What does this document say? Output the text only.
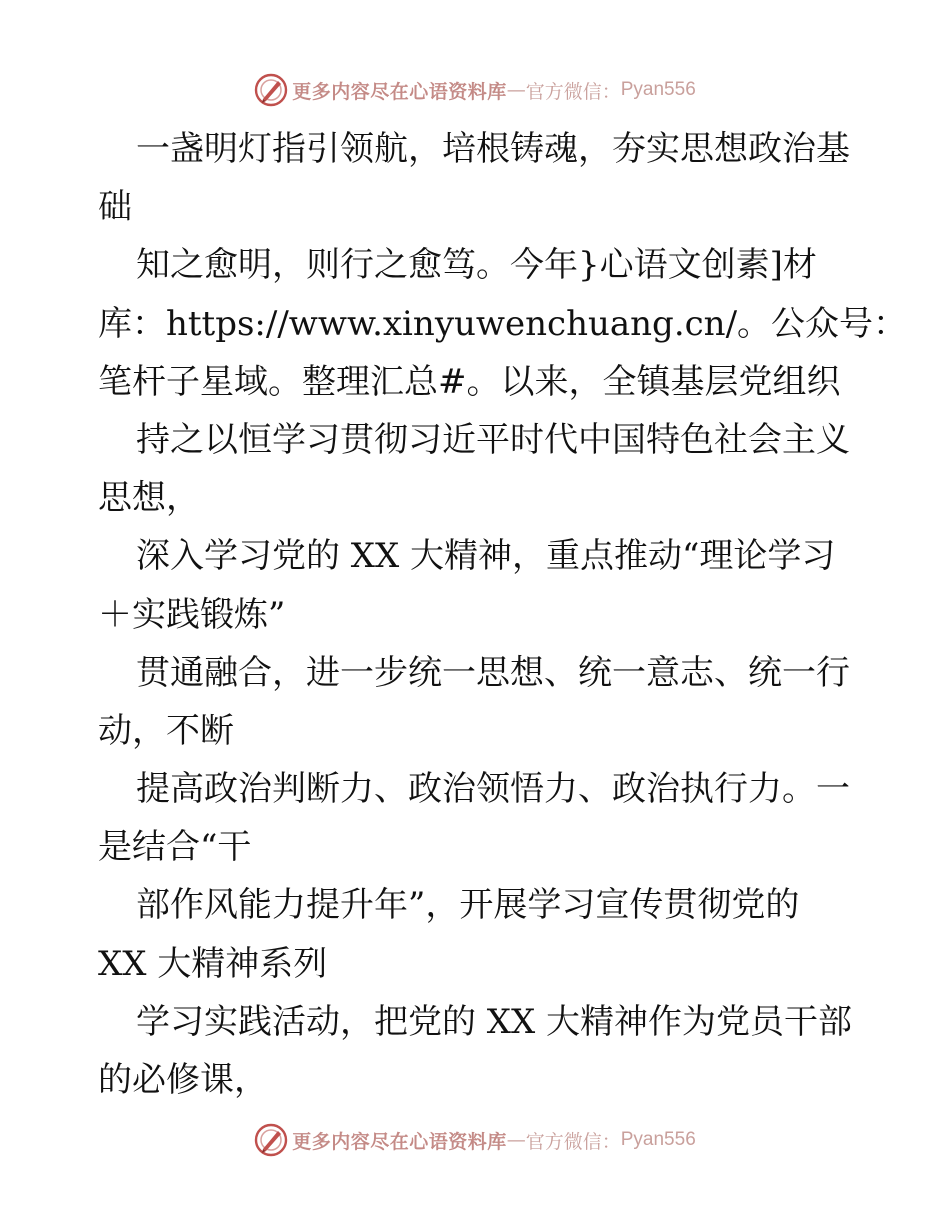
更多内容尽在心语资料库 — 官方微信： Pyan556
一盏明灯指引领航，培根铸魂，夯实思想政治基
础
知之愈明，则行之愈笃。今年}心语文创素]材
库：https://www.xinyuwenchuang.cn/。公众号：
笔杆子星域。整理汇总#。以来，全镇基层党组织
持之以恒学习贯彻习近平时代中国特色社会主义
思想，
深入学习党的 XX 大精神，重点推动“理论学习
＋实践锻炼”
贯通融合，进一步统一思想、统一意志、统一行
动，不断
提高政治判断力、政治领悟力、政治执行力。一
是结合“干
部作风能力提升年”，开展学习宣传贯彻党的
XX 大精神系列
学习实践活动，把党的 XX 大精神作为党员干部
的必修课，
更多内容尽在心语资料库 — 官方微信： Pyan556
